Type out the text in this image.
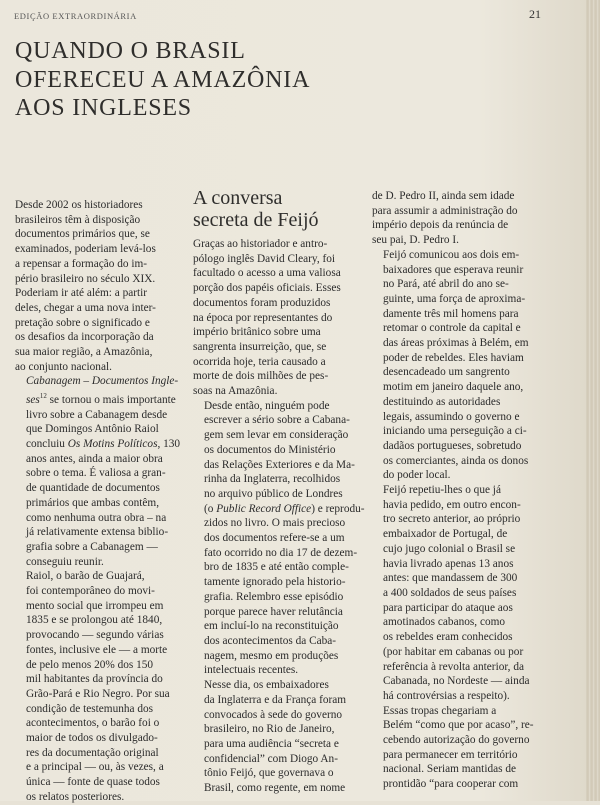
EDIÇÃO EXTRAORDINÁRIA	21
QUANDO O BRASIL
OFERECEU A AMAZÔNIA
AOS INGLESES

Desde 2002 os historiadores
brasileiros têm à disposição
documentos primários que, se
examinados, poderiam levá-los
a repensar a formação do im-
pério brasileiro no século XIX.
Poderiam ir até além: a partir
deles, chegar a uma nova inter-
pretação sobre o significado e
os desafios da incorporação da
sua maior região, a Amazônia,
ao conjunto nacional.

Cabanagem – Documentos Ingle-
ses$^{12}$ se tornou o mais importante
livro sobre a Cabanagem desde
que Domingos Antônio Raiol
concluiu Os Motins Políticos, 130
anos antes, ainda a maior obra
sobre o tema. É valiosa a gran-
de quantidade de documentos
primários que ambas contêm,
como nenhuma outra obra – na
já relativamente extensa biblio-
grafia sobre a Cabanagem —
conseguiu reunir.

Raiol, o barão de Guajará,
foi contemporâneo do movi-
mento social que irrompeu em
1835 e se prolongou até 1840,
provocando — segundo várias
fontes, inclusive ele — a morte
de pelo menos 20% dos 150
mil habitantes da província do
Grão-Pará e Rio Negro. Por sua
condição de testemunha dos
acontecimentos, o barão foi o
maior de todos os divulgado-
res da documentação original
e a principal — ou, às vezes, a
única — fonte de quase todos
os relatos posteriores.

A conversa
secreta de Feijó

Graças ao historiador e antro-
pólogo inglês David Cleary, foi
facultado o acesso a uma valiosa
porção dos papéis oficiais. Esses
documentos foram produzidos
na época por representantes do
império britânico sobre uma
sangrenta insurreição, que, se
ocorrida hoje, teria causado a
morte de dois milhões de pes-
soas na Amazônia.

Desde então, ninguém pode
escrever a sério sobre a Cabana-
gem sem levar em consideração
os documentos do Ministério
das Relações Exteriores e da Ma-
rinha da Inglaterra, recolhidos
no arquivo público de Londres
(o Public Record Office) e reprodu-
zidos no livro. O mais precioso
dos documentos refere-se a um
fato ocorrido no dia 17 de dezem-
bro de 1835 e até então comple-
tamente ignorado pela historio-
grafia. Relembro esse episódio
porque parece haver relutância
em incluí-lo na reconstituição
dos acontecimentos da Caba-
nagem, mesmo em produções
intelectuais recentes.

Nesse dia, os embaixadores
da Inglaterra e da França foram
convocados à sede do governo
brasileiro, no Rio de Janeiro,
para uma audiência “secreta e
confidencial” com Diogo An-
tônio Feijó, que governava o
Brasil, como regente, em nome

de D. Pedro II, ainda sem idade
para assumir a administração do
império depois da renúncia de
seu pai, D. Pedro I.

Feijó comunicou aos dois em-
baixadores que esperava reunir
no Pará, até abril do ano se-
guinte, uma força de aproxima-
damente três mil homens para
retomar o controle da capital e
das áreas próximas à Belém, em
poder de rebeldes. Eles haviam
desencadeado um sangrento
motim em janeiro daquele ano,
destituindo as autoridades
legais, assumindo o governo e
iniciando uma perseguição a ci-
dadãos portugueses, sobretudo
os comerciantes, ainda os donos
do poder local.

Feijó repetiu-lhes o que já
havia pedido, em outro encon-
tro secreto anterior, ao próprio
embaixador de Portugal, de
cujo jugo colonial o Brasil se
havia livrado apenas 13 anos
antes: que mandassem de 300
a 400 soldados de seus países
para participar do ataque aos
amotinados cabanos, como
os rebeldes eram conhecidos
(por habitar em cabanas ou por
referência à revolta anterior, da
Cabanada, no Nordeste — ainda
há controvérsias a respeito).

Essas tropas chegariam a
Belém “como que por acaso”, re-
cebendo autorização do governo
para permanecer em território
nacional. Seriam mantidas de
prontidão “para cooperar com
